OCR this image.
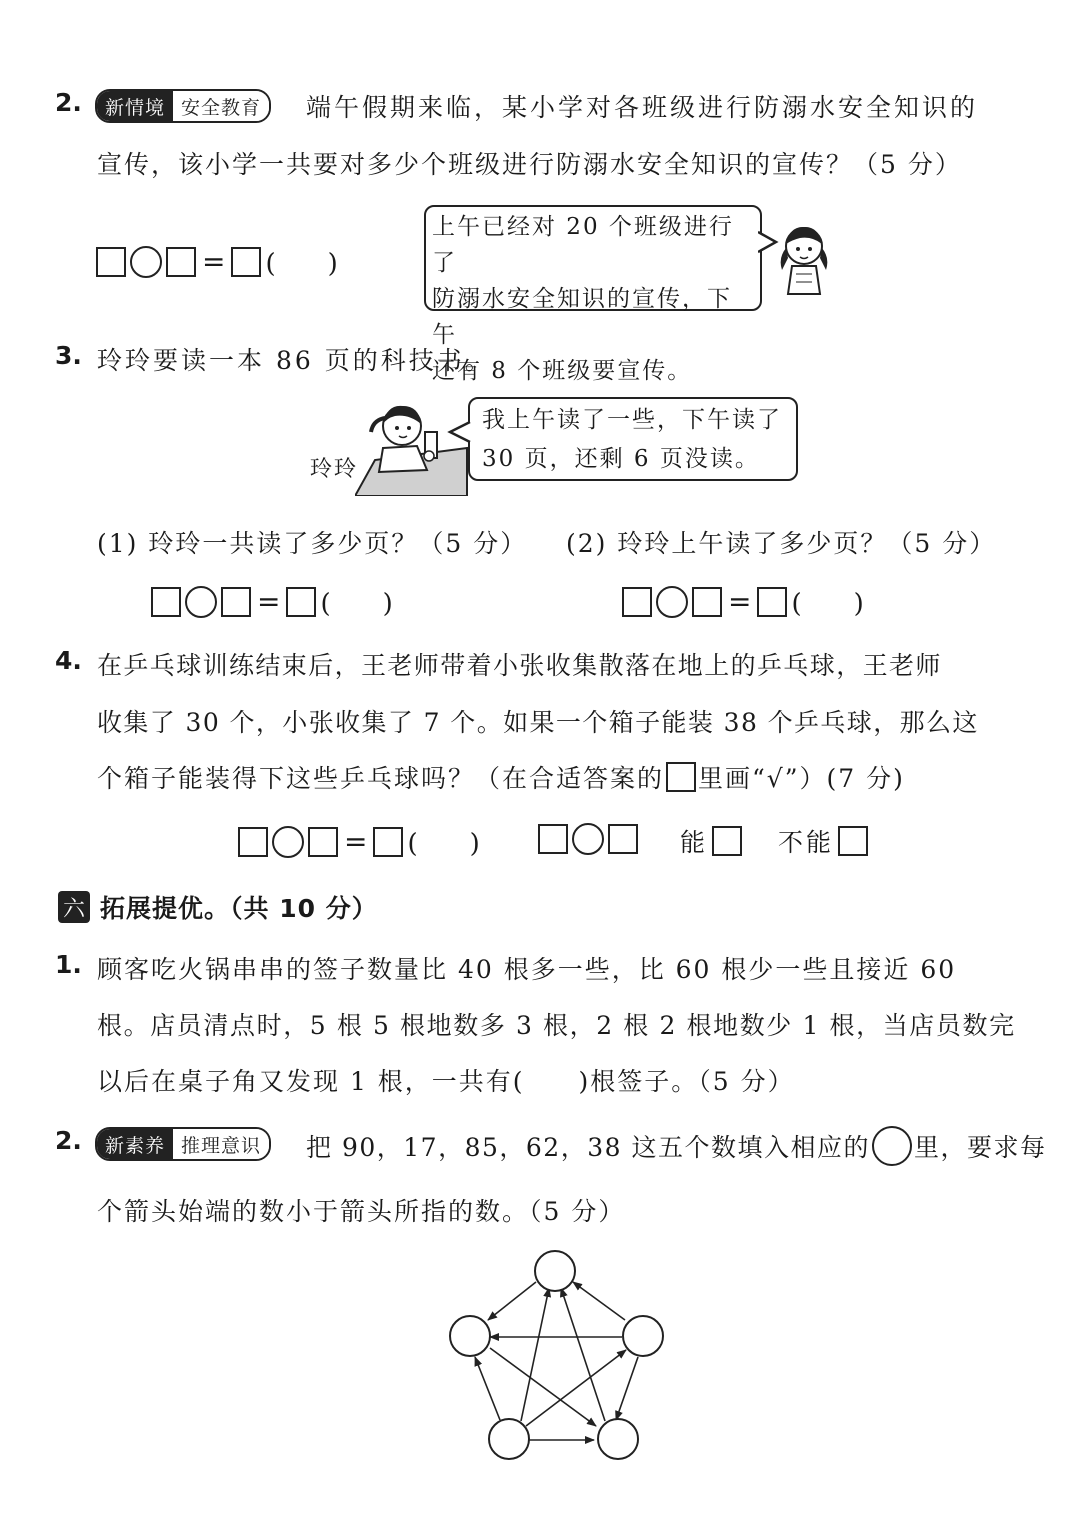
2.	新情境 安全教育	端午假期来临，某小学对各班级进行防溺水安全知识的
宣传，该小学一共要对多少个班级进行防溺水安全知识的宣传？（5 分）
= (　　)
上午已经对 20 个班级进行了
防溺水安全知识的宣传，下午
还有 8 个班级要宣传。
3. 玲玲要读一本 86 页的科技书。
玲玲
我上午读了一些，下午读了
30 页，还剩 6 页没读。
(1) 玲玲一共读了多少页？（5 分） (2) 玲玲上午读了多少页？（5 分）
= (　　)	= (　　)
4. 在乒乓球训练结束后，王老师带着小张收集散落在地上的乒乓球，王老师
收集了 30 个，小张收集了 7 个。如果一个箱子能装 38 个乒乓球，那么这
个箱子能装得下这些乒乓球吗？（在合适答案的 里画“√”）(7 分)
= (　　)	能	不能
六 拓展提优。（共 10 分）
1. 顾客吃火锅串串的签子数量比 40 根多一些，比 60 根少一些且接近 60
根。店员清点时，5 根 5 根地数多 3 根，2 根 2 根地数少 1 根，当店员数完
以后在桌子角又发现 1 根，一共有(　　)根签子。（5 分）
2.	新素养 推理意识	把 90，17，85，62，38 这五个数填入相应的 里，要求每
个箭头始端的数小于箭头所指的数。（5 分）
